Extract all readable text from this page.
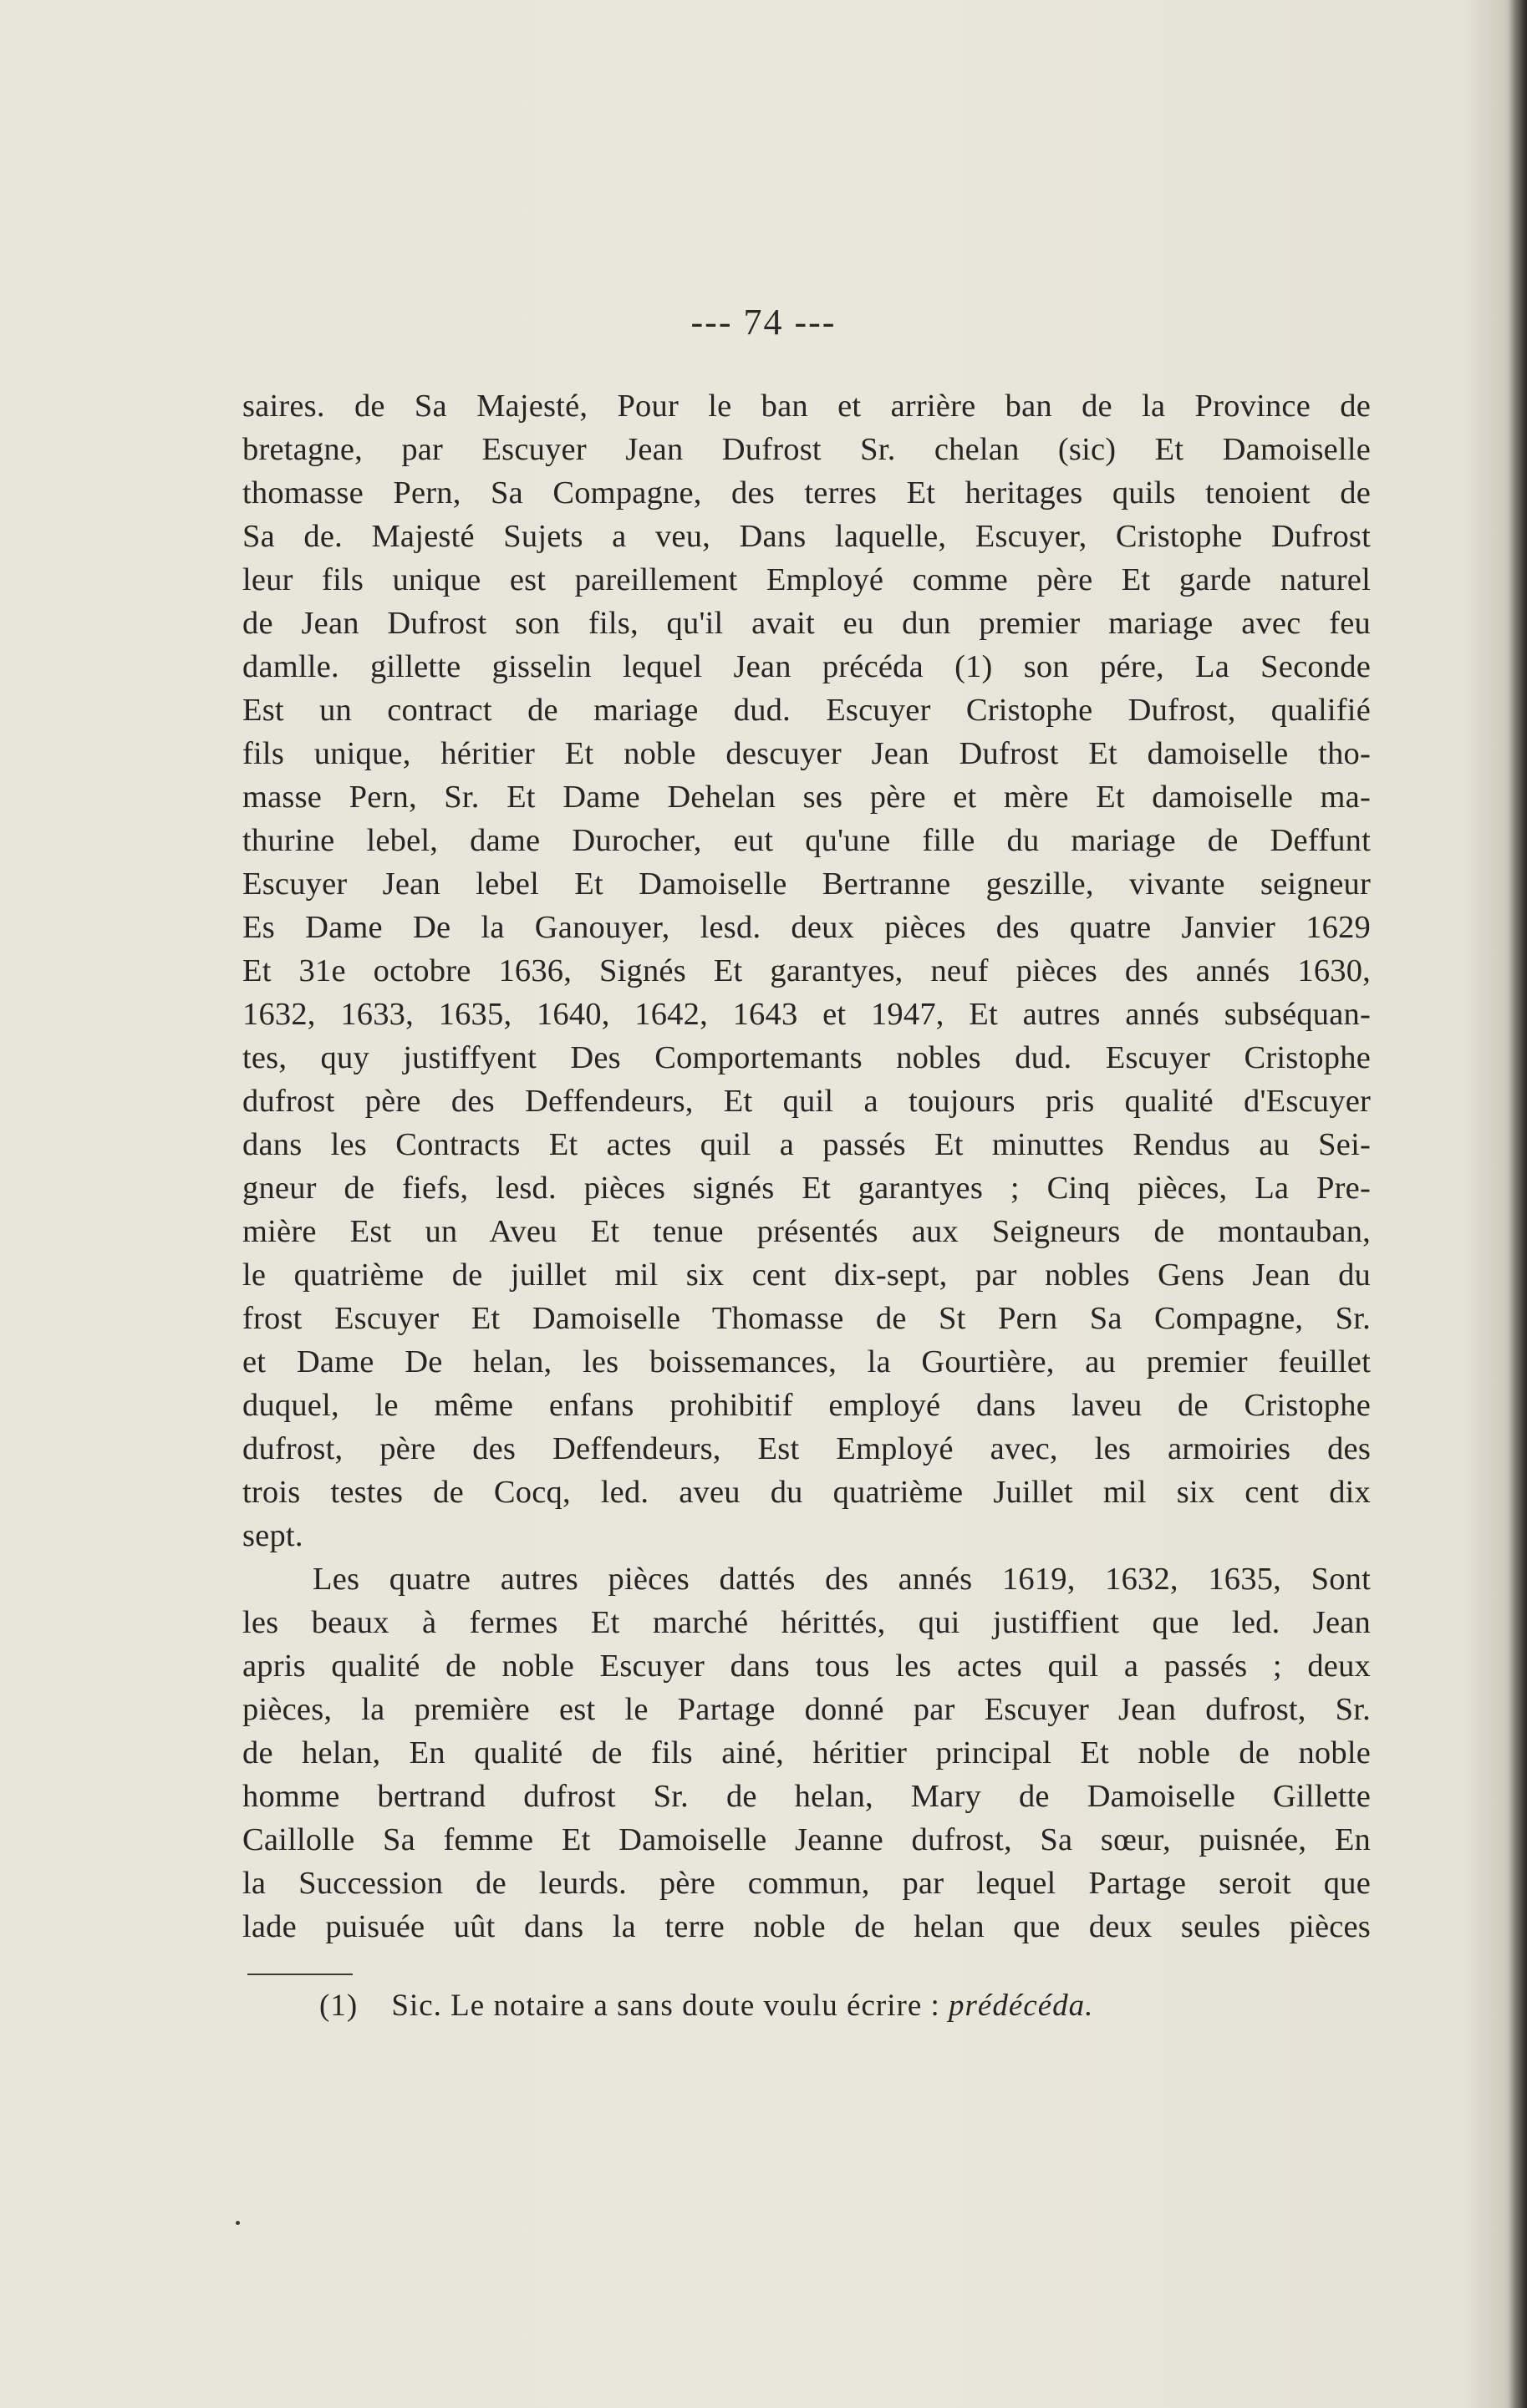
--- 74 ---
saires. de Sa Majesté, Pour le ban et arrière ban de la Province de
bretagne, par Escuyer Jean Dufrost Sr. chelan (sic) Et Damoiselle
thomasse Pern, Sa Compagne, des terres Et heritages quils tenoient de
Sa de. Majesté Sujets a veu, Dans laquelle, Escuyer, Cristophe Dufrost
leur fils unique est pareillement Employé comme père Et garde naturel
de Jean Dufrost son fils, qu'il avait eu dun premier mariage avec feu
damlle. gillette gisselin lequel Jean précéda (1) son pére, La Seconde
Est un contract de mariage dud. Escuyer Cristophe Dufrost, qualifié
fils unique, héritier Et noble descuyer Jean Dufrost Et damoiselle tho-
masse Pern, Sr. Et Dame Dehelan ses père et mère Et damoiselle ma-
thurine lebel, dame Durocher, eut qu'une fille du mariage de Deffunt
Escuyer Jean lebel Et Damoiselle Bertranne geszille, vivante seigneur
Es Dame De la Ganouyer, lesd. deux pièces des quatre Janvier 1629
Et 31e octobre 1636, Signés Et garantyes, neuf pièces des annés 1630,
1632, 1633, 1635, 1640, 1642, 1643 et 1947, Et autres annés subséquan-
tes, quy justiffyent Des Comportemants nobles dud. Escuyer Cristophe
dufrost père des Deffendeurs, Et quil a toujours pris qualité d'Escuyer
dans les Contracts Et actes quil a passés Et minuttes Rendus au Sei-
gneur de fiefs, lesd. pièces signés Et garantyes ; Cinq pièces, La Pre-
mière Est un Aveu Et tenue présentés aux Seigneurs de montauban,
le quatrième de juillet mil six cent dix-sept, par nobles Gens Jean du
frost Escuyer Et Damoiselle Thomasse de St Pern Sa Compagne, Sr.
et Dame De helan, les boissemances, la Gourtière, au premier feuillet
duquel, le même enfans prohibitif employé dans laveu de Cristophe
dufrost, père des Deffendeurs, Est Employé avec, les armoiries des
trois testes de Cocq, led. aveu du quatrième Juillet mil six cent dix
sept.
Les quatre autres pièces dattés des annés 1619, 1632, 1635, Sont
les beaux à fermes Et marché hérittés, qui justiffient que led. Jean
apris qualité de noble Escuyer dans tous les actes quil a passés ; deux
pièces, la première est le Partage donné par Escuyer Jean dufrost, Sr.
de helan, En qualité de fils ainé, héritier principal Et noble de noble
homme bertrand dufrost Sr. de helan, Mary de Damoiselle Gillette
Caillolle Sa femme Et Damoiselle Jeanne dufrost, Sa sœur, puisnée, En
la Succession de leurds. père commun, par lequel Partage seroit que
lade puisuée uût dans la terre noble de helan que deux seules pièces
(1) Sic. Le notaire a sans doute voulu écrire : prédécéda.
